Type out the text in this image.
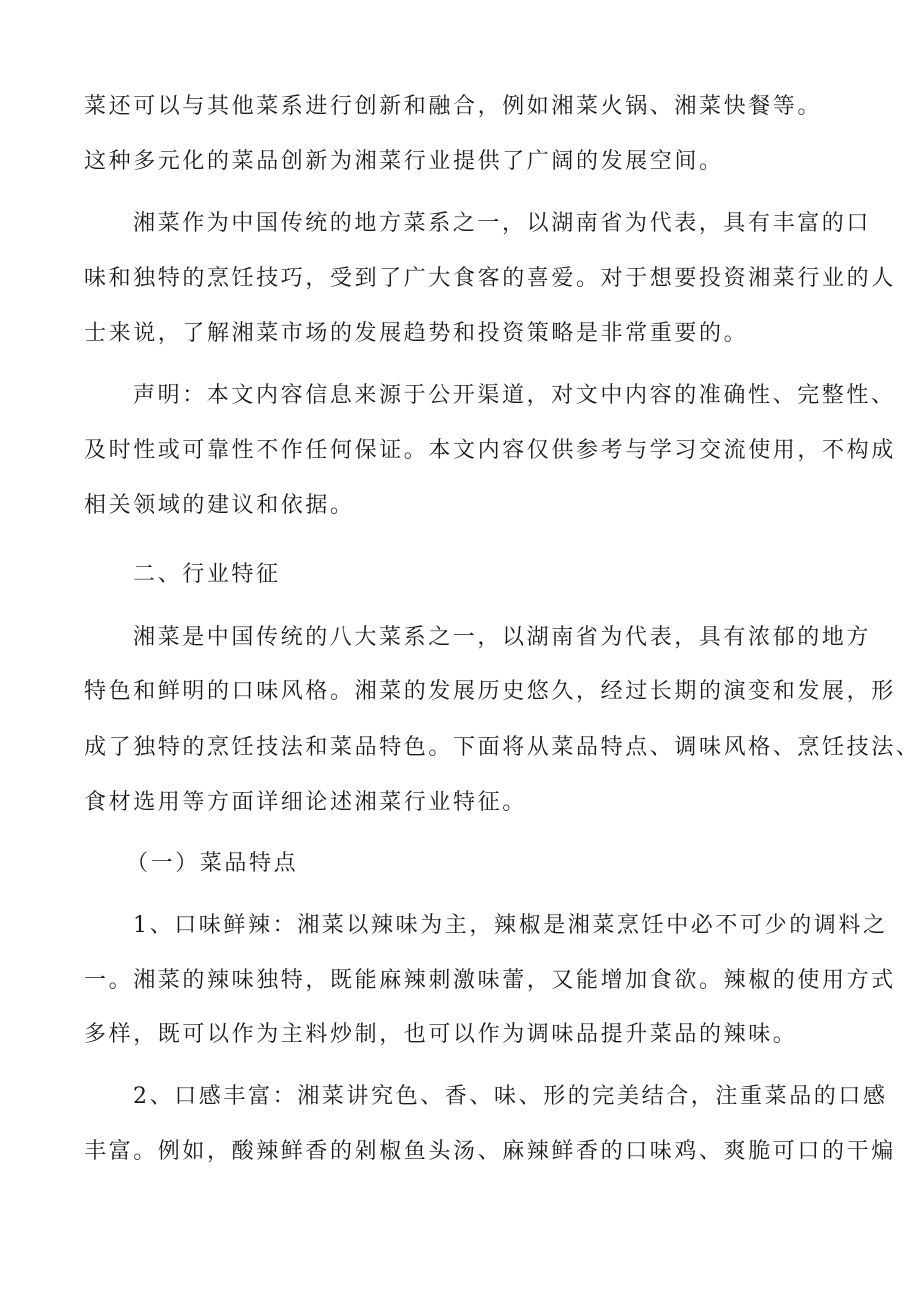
菜还可以与其他菜系进行创新和融合，例如湘菜火锅、湘菜快餐等。

这种多元化的菜品创新为湘菜行业提供了广阔的发展空间。

湘菜作为中国传统的地方菜系之一，以湖南省为代表，具有丰富的口

味和独特的烹饪技巧，受到了广大食客的喜爱。对于想要投资湘菜行业的人

士来说，了解湘菜市场的发展趋势和投资策略是非常重要的。

声明：本文内容信息来源于公开渠道，对文中内容的准确性、完整性、

及时性或可靠性不作任何保证。本文内容仅供参考与学习交流使用，不构成

相关领域的建议和依据。

二、行业特征

湘菜是中国传统的八大菜系之一，以湖南省为代表，具有浓郁的地方

特色和鲜明的口味风格。湘菜的发展历史悠久，经过长期的演变和发展，形

成了独特的烹饪技法和菜品特色。下面将从菜品特点、调味风格、烹饪技法、

食材选用等方面详细论述湘菜行业特征。

（一）菜品特点

1、口味鲜辣：湘菜以辣味为主，辣椒是湘菜烹饪中必不可少的调料之

一。湘菜的辣味独特，既能麻辣刺激味蕾，又能增加食欲。辣椒的使用方式

多样，既可以作为主料炒制，也可以作为调味品提升菜品的辣味。

2、口感丰富：湘菜讲究色、香、味、形的完美结合，注重菜品的口感

丰富。例如，酸辣鲜香的剁椒鱼头汤、麻辣鲜香的口味鸡、爽脆可口的干煸
